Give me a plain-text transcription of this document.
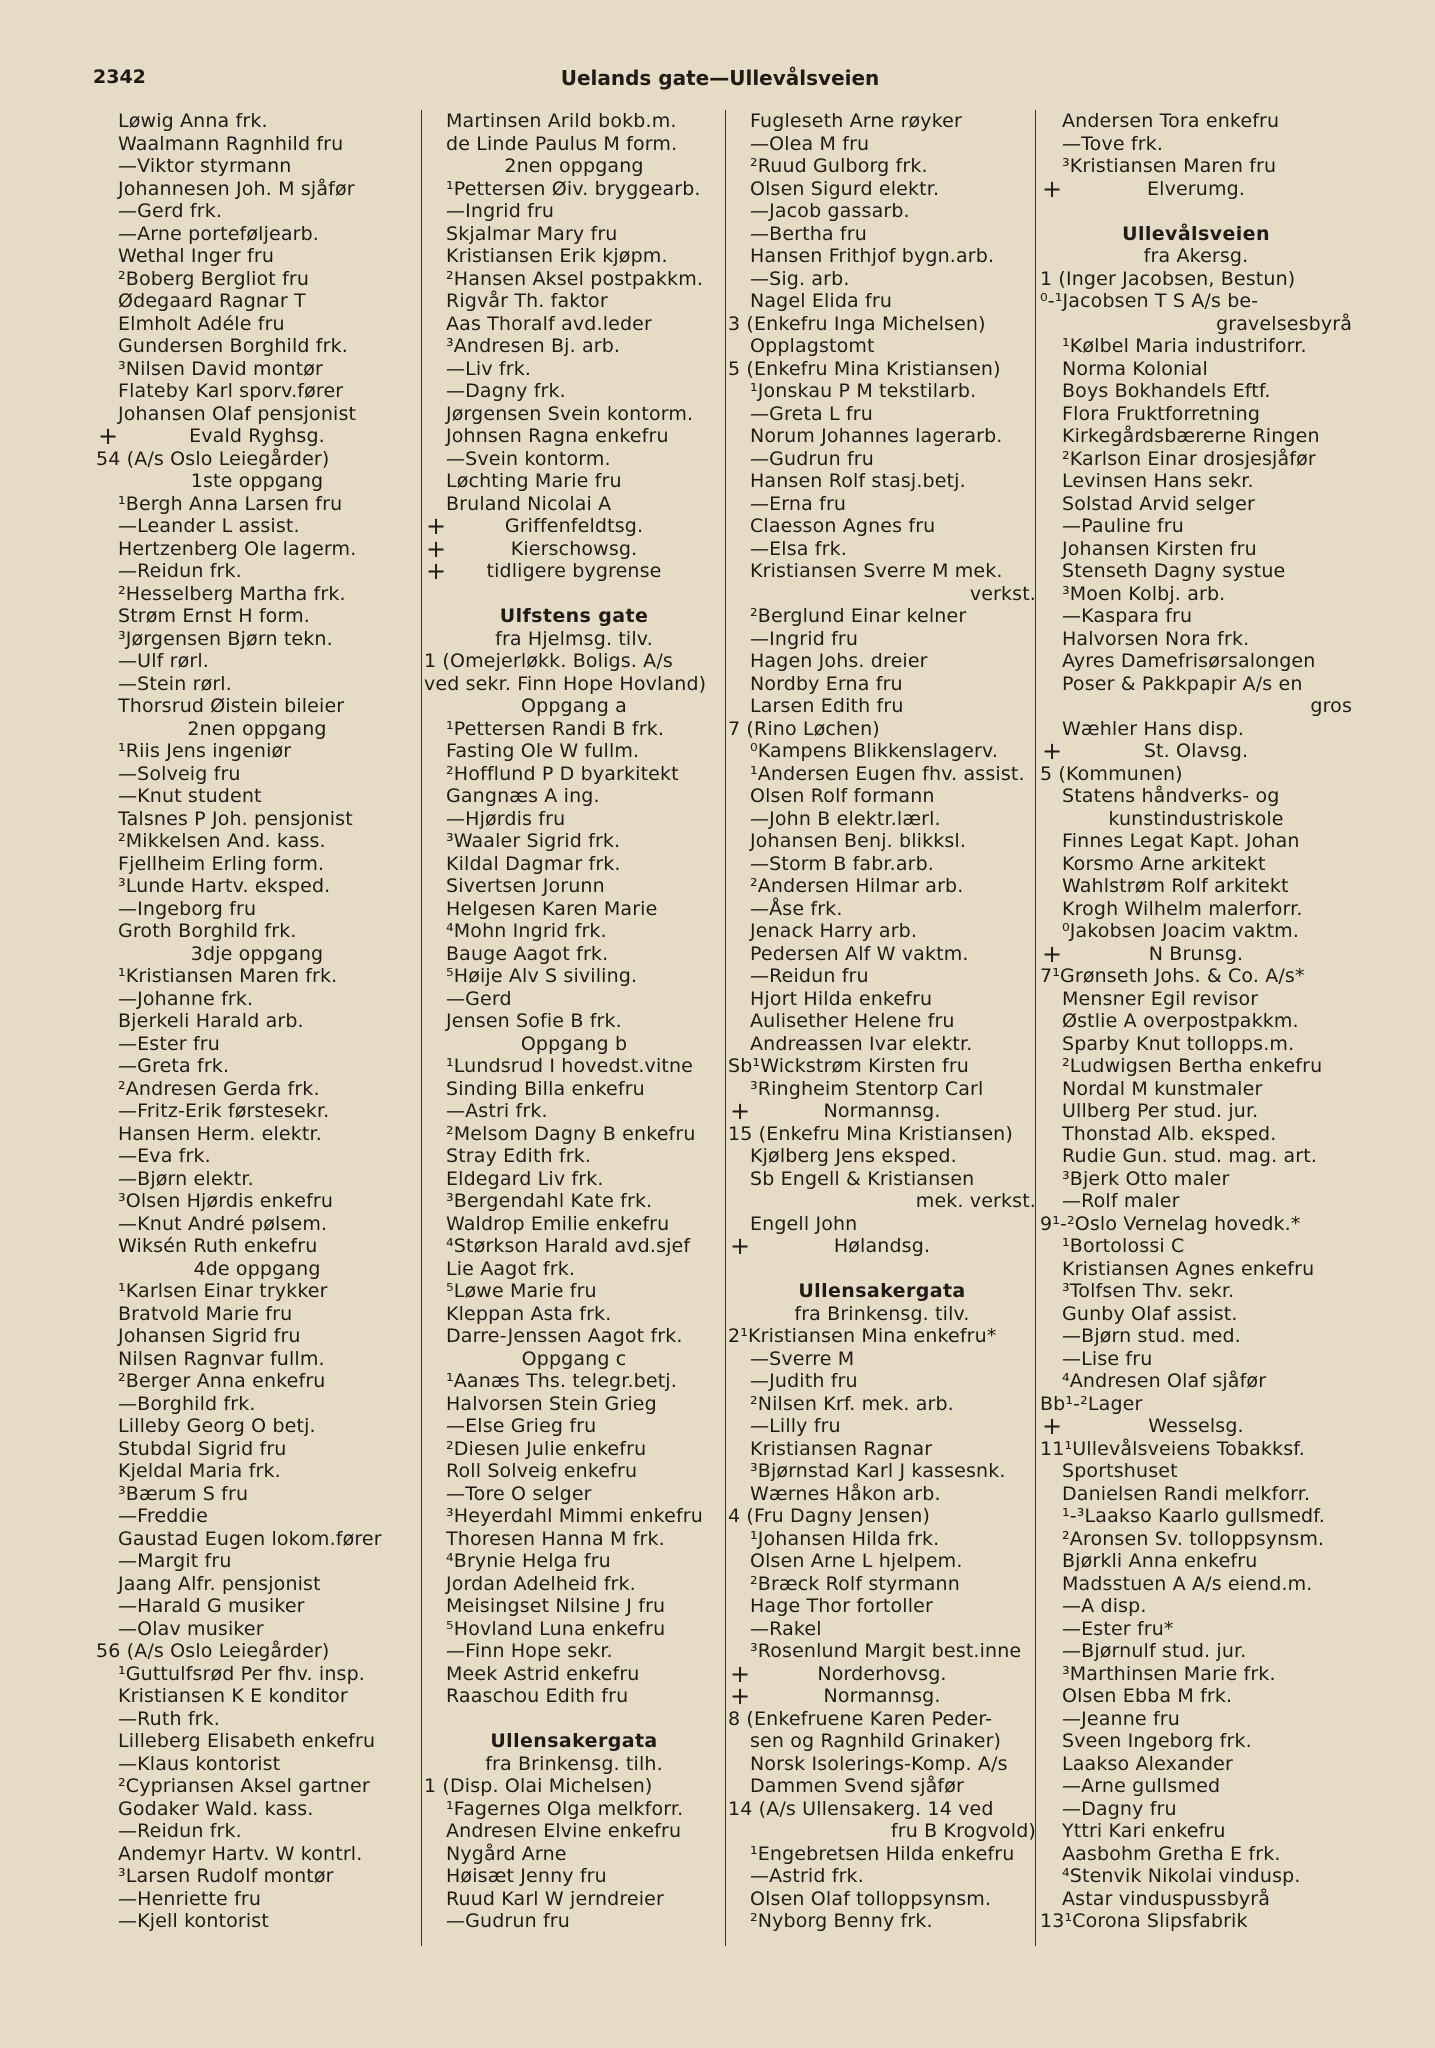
2342	Uelands gate—Ullevålsveien
Løwig Anna frk.
Waalmann Ragnhild fru
—Viktor styrmann
Johannesen Joh. M sjåfør
—Gerd frk.
—Arne porteføljearb.
Wethal Inger fru
²Boberg Bergliot fru
Ødegaard Ragnar T
Elmholt Adéle fru
Gundersen Borghild frk.
³Nilsen David montør
Flateby Karl sporv.fører
Johansen Olaf pensjonist
+	Evald Ryghsg.
54 (A/s Oslo Leiegårder)
1ste oppgang
¹Bergh Anna Larsen fru
—Leander L assist.
Hertzenberg Ole lagerm.
—Reidun frk.
²Hesselberg Martha frk.
Strøm Ernst H form.
³Jørgensen Bjørn tekn.
—Ulf rørl.
—Stein rørl.
Thorsrud Øistein bileier
2nen oppgang
¹Riis Jens ingeniør
—Solveig fru
—Knut student
Talsnes P Joh. pensjonist
²Mikkelsen And. kass.
Fjellheim Erling form.
³Lunde Hartv. eksped.
—Ingeborg fru
Groth Borghild frk.
3dje oppgang
¹Kristiansen Maren frk.
—Johanne frk.
Bjerkeli Harald arb.
—Ester fru
—Greta frk.
²Andresen Gerda frk.
—Fritz-Erik førstesekr.
Hansen Herm. elektr.
—Eva frk.
—Bjørn elektr.
³Olsen Hjørdis enkefru
—Knut André pølsem.
Wiksén Ruth enkefru
4de oppgang
¹Karlsen Einar trykker
Bratvold Marie fru
Johansen Sigrid fru
Nilsen Ragnvar fullm.
²Berger Anna enkefru
—Borghild frk.
Lilleby Georg O betj.
Stubdal Sigrid fru
Kjeldal Maria frk.
³Bærum S fru
—Freddie
Gaustad Eugen lokom.fører
—Margit fru
Jaang Alfr. pensjonist
—Harald G musiker
—Olav musiker
56 (A/s Oslo Leiegårder)
¹Guttulfsrød Per fhv. insp.
Kristiansen K E konditor
—Ruth frk.
Lilleberg Elisabeth enkefru
—Klaus kontorist
²Cypriansen Aksel gartner
Godaker Wald. kass.
—Reidun frk.
Andemyr Hartv. W kontrl.
³Larsen Rudolf montør
—Henriette fru
—Kjell kontorist
Martinsen Arild bokb.m.
de Linde Paulus M form.
2nen oppgang
¹Pettersen Øiv. bryggearb.
—Ingrid fru
Skjalmar Mary fru
Kristiansen Erik kjøpm.
²Hansen Aksel postpakkm.
Rigvår Th. faktor
Aas Thoralf avd.leder
³Andresen Bj. arb.
—Liv frk.
—Dagny frk.
Jørgensen Svein kontorm.
Johnsen Ragna enkefru
—Svein kontorm.
Løchting Marie fru
Bruland Nicolai A
+	Griffenfeldtsg.
+	Kierschowsg.
+	tidligere bygrense
Ulfstens gate
fra Hjelmsg. tilv.
1 (Omejerløkk. Boligs. A/s
ved sekr. Finn Hope Hovland)
Oppgang a
¹Pettersen Randi B frk.
Fasting Ole W fullm.
²Hofflund P D byarkitekt
Gangnæs A ing.
—Hjørdis fru
³Waaler Sigrid frk.
Kildal Dagmar frk.
Sivertsen Jorunn
Helgesen Karen Marie
⁴Mohn Ingrid frk.
Bauge Aagot frk.
⁵Høije Alv S siviling.
—Gerd
Jensen Sofie B frk.
Oppgang b
¹Lundsrud I hovedst.vitne
Sinding Billa enkefru
—Astri frk.
²Melsom Dagny B enkefru
Stray Edith frk.
Eldegard Liv frk.
³Bergendahl Kate frk.
Waldrop Emilie enkefru
⁴Størkson Harald avd.sjef
Lie Aagot frk.
⁵Løwe Marie fru
Kleppan Asta frk.
Darre-Jenssen Aagot frk.
Oppgang c
¹Aanæs Ths. telegr.betj.
Halvorsen Stein Grieg
—Else Grieg fru
²Diesen Julie enkefru
Roll Solveig enkefru
—Tore O selger
³Heyerdahl Mimmi enkefru
Thoresen Hanna M frk.
⁴Brynie Helga fru
Jordan Adelheid frk.
Meisingset Nilsine J fru
⁵Hovland Luna enkefru
—Finn Hope sekr.
Meek Astrid enkefru
Raaschou Edith fru
Ullensakergata
fra Brinkensg. tilh.
1 (Disp. Olai Michelsen)
¹Fagernes Olga melkforr.
Andresen Elvine enkefru
Nygård Arne
Høisæt Jenny fru
Ruud Karl W jerndreier
—Gudrun fru
Fugleseth Arne røyker
—Olea M fru
²Ruud Gulborg frk.
Olsen Sigurd elektr.
—Jacob gassarb.
—Bertha fru
Hansen Frithjof bygn.arb.
—Sig. arb.
Nagel Elida fru
3 (Enkefru Inga Michelsen)
Opplagstomt
5 (Enkefru Mina Kristiansen)
¹Jonskau P M tekstilarb.
—Greta L fru
Norum Johannes lagerarb.
—Gudrun fru
Hansen Rolf stasj.betj.
—Erna fru
Claesson Agnes fru
—Elsa frk.
Kristiansen Sverre M mek.
verkst.
²Berglund Einar kelner
—Ingrid fru
Hagen Johs. dreier
Nordby Erna fru
Larsen Edith fru
7 (Rino Løchen)
⁰Kampens Blikkenslagerv.
¹Andersen Eugen fhv. assist.
Olsen Rolf formann
—John B elektr.lærl.
Johansen Benj. blikksl.
—Storm B fabr.arb.
²Andersen Hilmar arb.
—Åse frk.
Jenack Harry arb.
Pedersen Alf W vaktm.
—Reidun fru
Hjort Hilda enkefru
Aulisether Helene fru
Andreassen Ivar elektr.
Sb¹Wickstrøm Kirsten fru
³Ringheim Stentorp Carl
+	Normannsg.
15 (Enkefru Mina Kristiansen)
Kjølberg Jens eksped.
Sb Engell & Kristiansen
mek. verkst.
Engell John
+	Hølandsg.
Ullensakergata
fra Brinkensg. tilv.
2¹Kristiansen Mina enkefru*
—Sverre M
—Judith fru
²Nilsen Krf. mek. arb.
—Lilly fru
Kristiansen Ragnar
³Bjørnstad Karl J kassesnk.
Wærnes Håkon arb.
4 (Fru Dagny Jensen)
¹Johansen Hilda frk.
Olsen Arne L hjelpem.
²Bræck Rolf styrmann
Hage Thor fortoller
—Rakel
³Rosenlund Margit best.inne
+	Norderhovsg.
+	Normannsg.
8 (Enkefruene Karen Peder-
sen og Ragnhild Grinaker)
Norsk Isolerings-Komp. A/s
Dammen Svend sjåfør
14 (A/s Ullensakerg. 14 ved
fru B Krogvold)
¹Engebretsen Hilda enkefru
—Astrid frk.
Olsen Olaf tolloppsynsm.
²Nyborg Benny frk.
Andersen Tora enkefru
—Tove frk.
³Kristiansen Maren fru
+	Elverumg.
Ullevålsveien
fra Akersg.
1 (Inger Jacobsen, Bestun)
⁰-¹Jacobsen T S A/s be-
gravelsesbyrå
¹Kølbel Maria industriforr.
Norma Kolonial
Boys Bokhandels Eftf.
Flora Fruktforretning
Kirkegårdsbærerne Ringen
²Karlson Einar drosjesjåfør
Levinsen Hans sekr.
Solstad Arvid selger
—Pauline fru
Johansen Kirsten fru
Stenseth Dagny systue
³Moen Kolbj. arb.
—Kaspara fru
Halvorsen Nora frk.
Ayres Damefrisørsalongen
Poser & Pakkpapir A/s en
gros
Wæhler Hans disp.
+	St. Olavsg.
5 (Kommunen)
Statens håndverks- og
kunstindustriskole
Finnes Legat Kapt. Johan
Korsmo Arne arkitekt
Wahlstrøm Rolf arkitekt
Krogh Wilhelm malerforr.
⁰Jakobsen Joacim vaktm.
+	N Brunsg.
7¹Grønseth Johs. & Co. A/s*
Mensner Egil revisor
Østlie A overpostpakkm.
Sparby Knut tollopps.m.
²Ludwigsen Bertha enkefru
Nordal M kunstmaler
Ullberg Per stud. jur.
Thonstad Alb. eksped.
Rudie Gun. stud. mag. art.
³Bjerk Otto maler
—Rolf maler
9¹-²Oslo Vernelag hovedk.*
¹Bortolossi C
Kristiansen Agnes enkefru
³Tolfsen Thv. sekr.
Gunby Olaf assist.
—Bjørn stud. med.
—Lise fru
⁴Andresen Olaf sjåfør
Bb¹-²Lager
+	Wesselsg.
11¹Ullevålsveiens Tobakksf.
Sportshuset
Danielsen Randi melkforr.
¹-³Laakso Kaarlo gullsmedf.
²Aronsen Sv. tolloppsynsm.
Bjørkli Anna enkefru
Madsstuen A A/s eiend.m.
—A disp.
—Ester fru*
—Bjørnulf stud. jur.
³Marthinsen Marie frk.
Olsen Ebba M frk.
—Jeanne fru
Sveen Ingeborg frk.
Laakso Alexander
—Arne gullsmed
—Dagny fru
Yttri Kari enkefru
Aasbohm Gretha E frk.
⁴Stenvik Nikolai vindusp.
Astar vinduspussbyrå
13¹Corona Slipsfabrik
